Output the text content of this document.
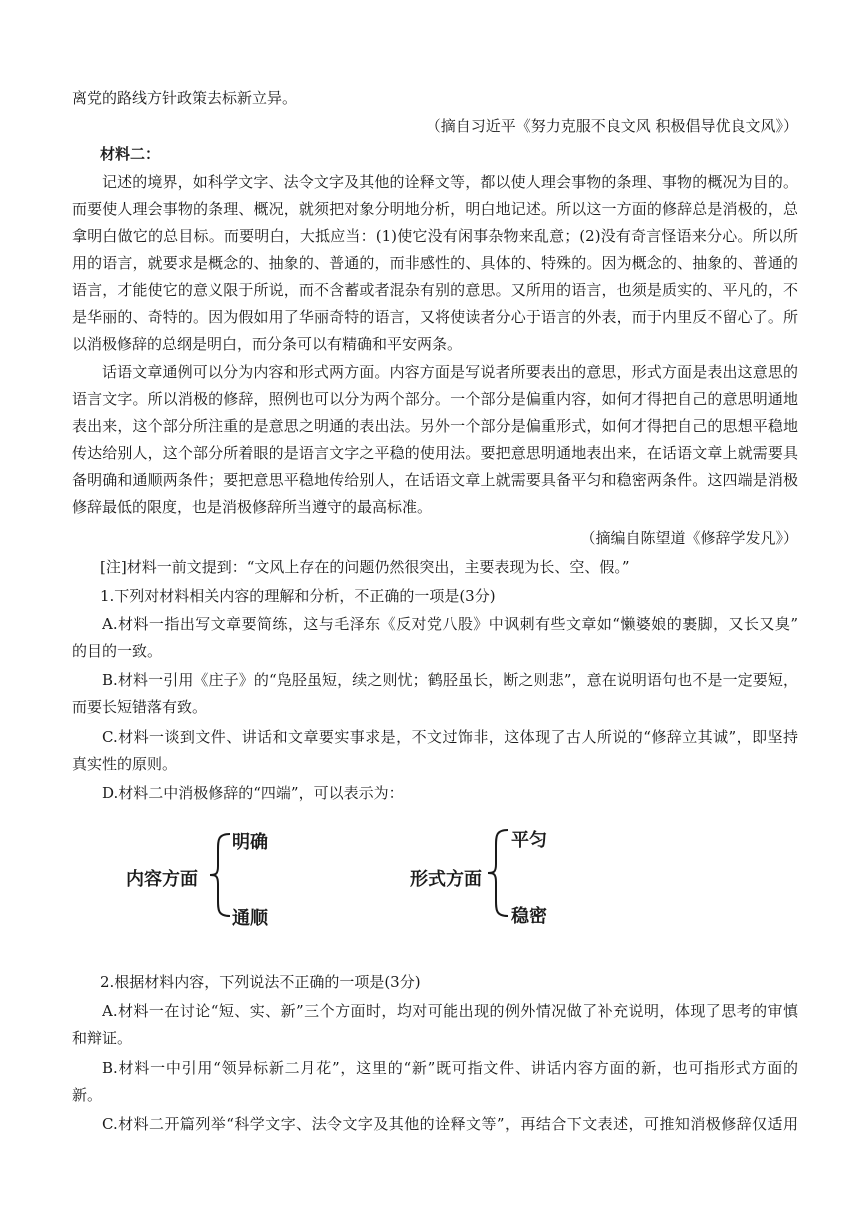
离党的路线方针政策去标新立异。
（摘自习近平《努力克服不良文风 积极倡导优良文风》）
材料二：
记述的境界，如科学文字、法令文字及其他的诠释文等，都以使人理会事物的条理、事物的概况为目的。
而要使人理会事物的条理、概况，就须把对象分明地分析，明白地记述。所以这一方面的修辞总是消极的，总
拿明白做它的总目标。而要明白，大抵应当：(1)使它没有闲事杂物来乱意；(2)没有奇言怪语来分心。所以所
用的语言，就要求是概念的、抽象的、普通的，而非感性的、具体的、特殊的。因为概念的、抽象的、普通的
语言，才能使它的意义限于所说，而不含蓄或者混杂有别的意思。又所用的语言，也须是质实的、平凡的，不
是华丽的、奇特的。因为假如用了华丽奇特的语言，又将使读者分心于语言的外表，而于内里反不留心了。所
以消极修辞的总纲是明白，而分条可以有精确和平安两条。
话语文章通例可以分为内容和形式两方面。内容方面是写说者所要表出的意思，形式方面是表出这意思的
语言文字。所以消极的修辞，照例也可以分为两个部分。一个部分是偏重内容，如何才得把自己的意思明通地
表出来，这个部分所注重的是意思之明通的表出法。另外一个部分是偏重形式，如何才得把自己的思想平稳地
传达给别人，这个部分所着眼的是语言文字之平稳的使用法。要把意思明通地表出来，在话语文章上就需要具
备明确和通顺两条件；要把意思平稳地传给别人，在话语文章上就需要具备平匀和稳密两条件。这四端是消极
修辞最低的限度，也是消极修辞所当遵守的最高标准。
（摘编自陈望道《修辞学发凡》）
[注]材料一前文提到：“文风上存在的问题仍然很突出，主要表现为长、空、假。”
1.下列对材料相关内容的理解和分析，不正确的一项是(3分)
A.材料一指出写文章要简练，这与毛泽东《反对党八股》中讽刺有些文章如“懒婆娘的裹脚，又长又臭”
的目的一致。
B.材料一引用《庄子》的“凫胫虽短，续之则忧；鹤胫虽长，断之则悲”，意在说明语句也不是一定要短，
而要长短错落有致。
C.材料一谈到文件、讲话和文章要实事求是，不文过饰非，这体现了古人所说的“修辞立其诚”，即坚持
真实性的原则。
D.材料二中消极修辞的“四端”，可以表示为：
内容方面
明确
通顺
形式方面
平匀
稳密
2.根据材料内容，下列说法不正确的一项是(3分)
A.材料一在讨论“短、实、新”三个方面时，均对可能出现的例外情况做了补充说明，体现了思考的审慎
和辩证。
B.材料一中引用“领异标新二月花”，这里的“新”既可指文件、讲话内容方面的新，也可指形式方面的
新。
C.材料二开篇列举“科学文字、法令文字及其他的诠释文等”，再结合下文表述，可推知消极修辞仅适用
